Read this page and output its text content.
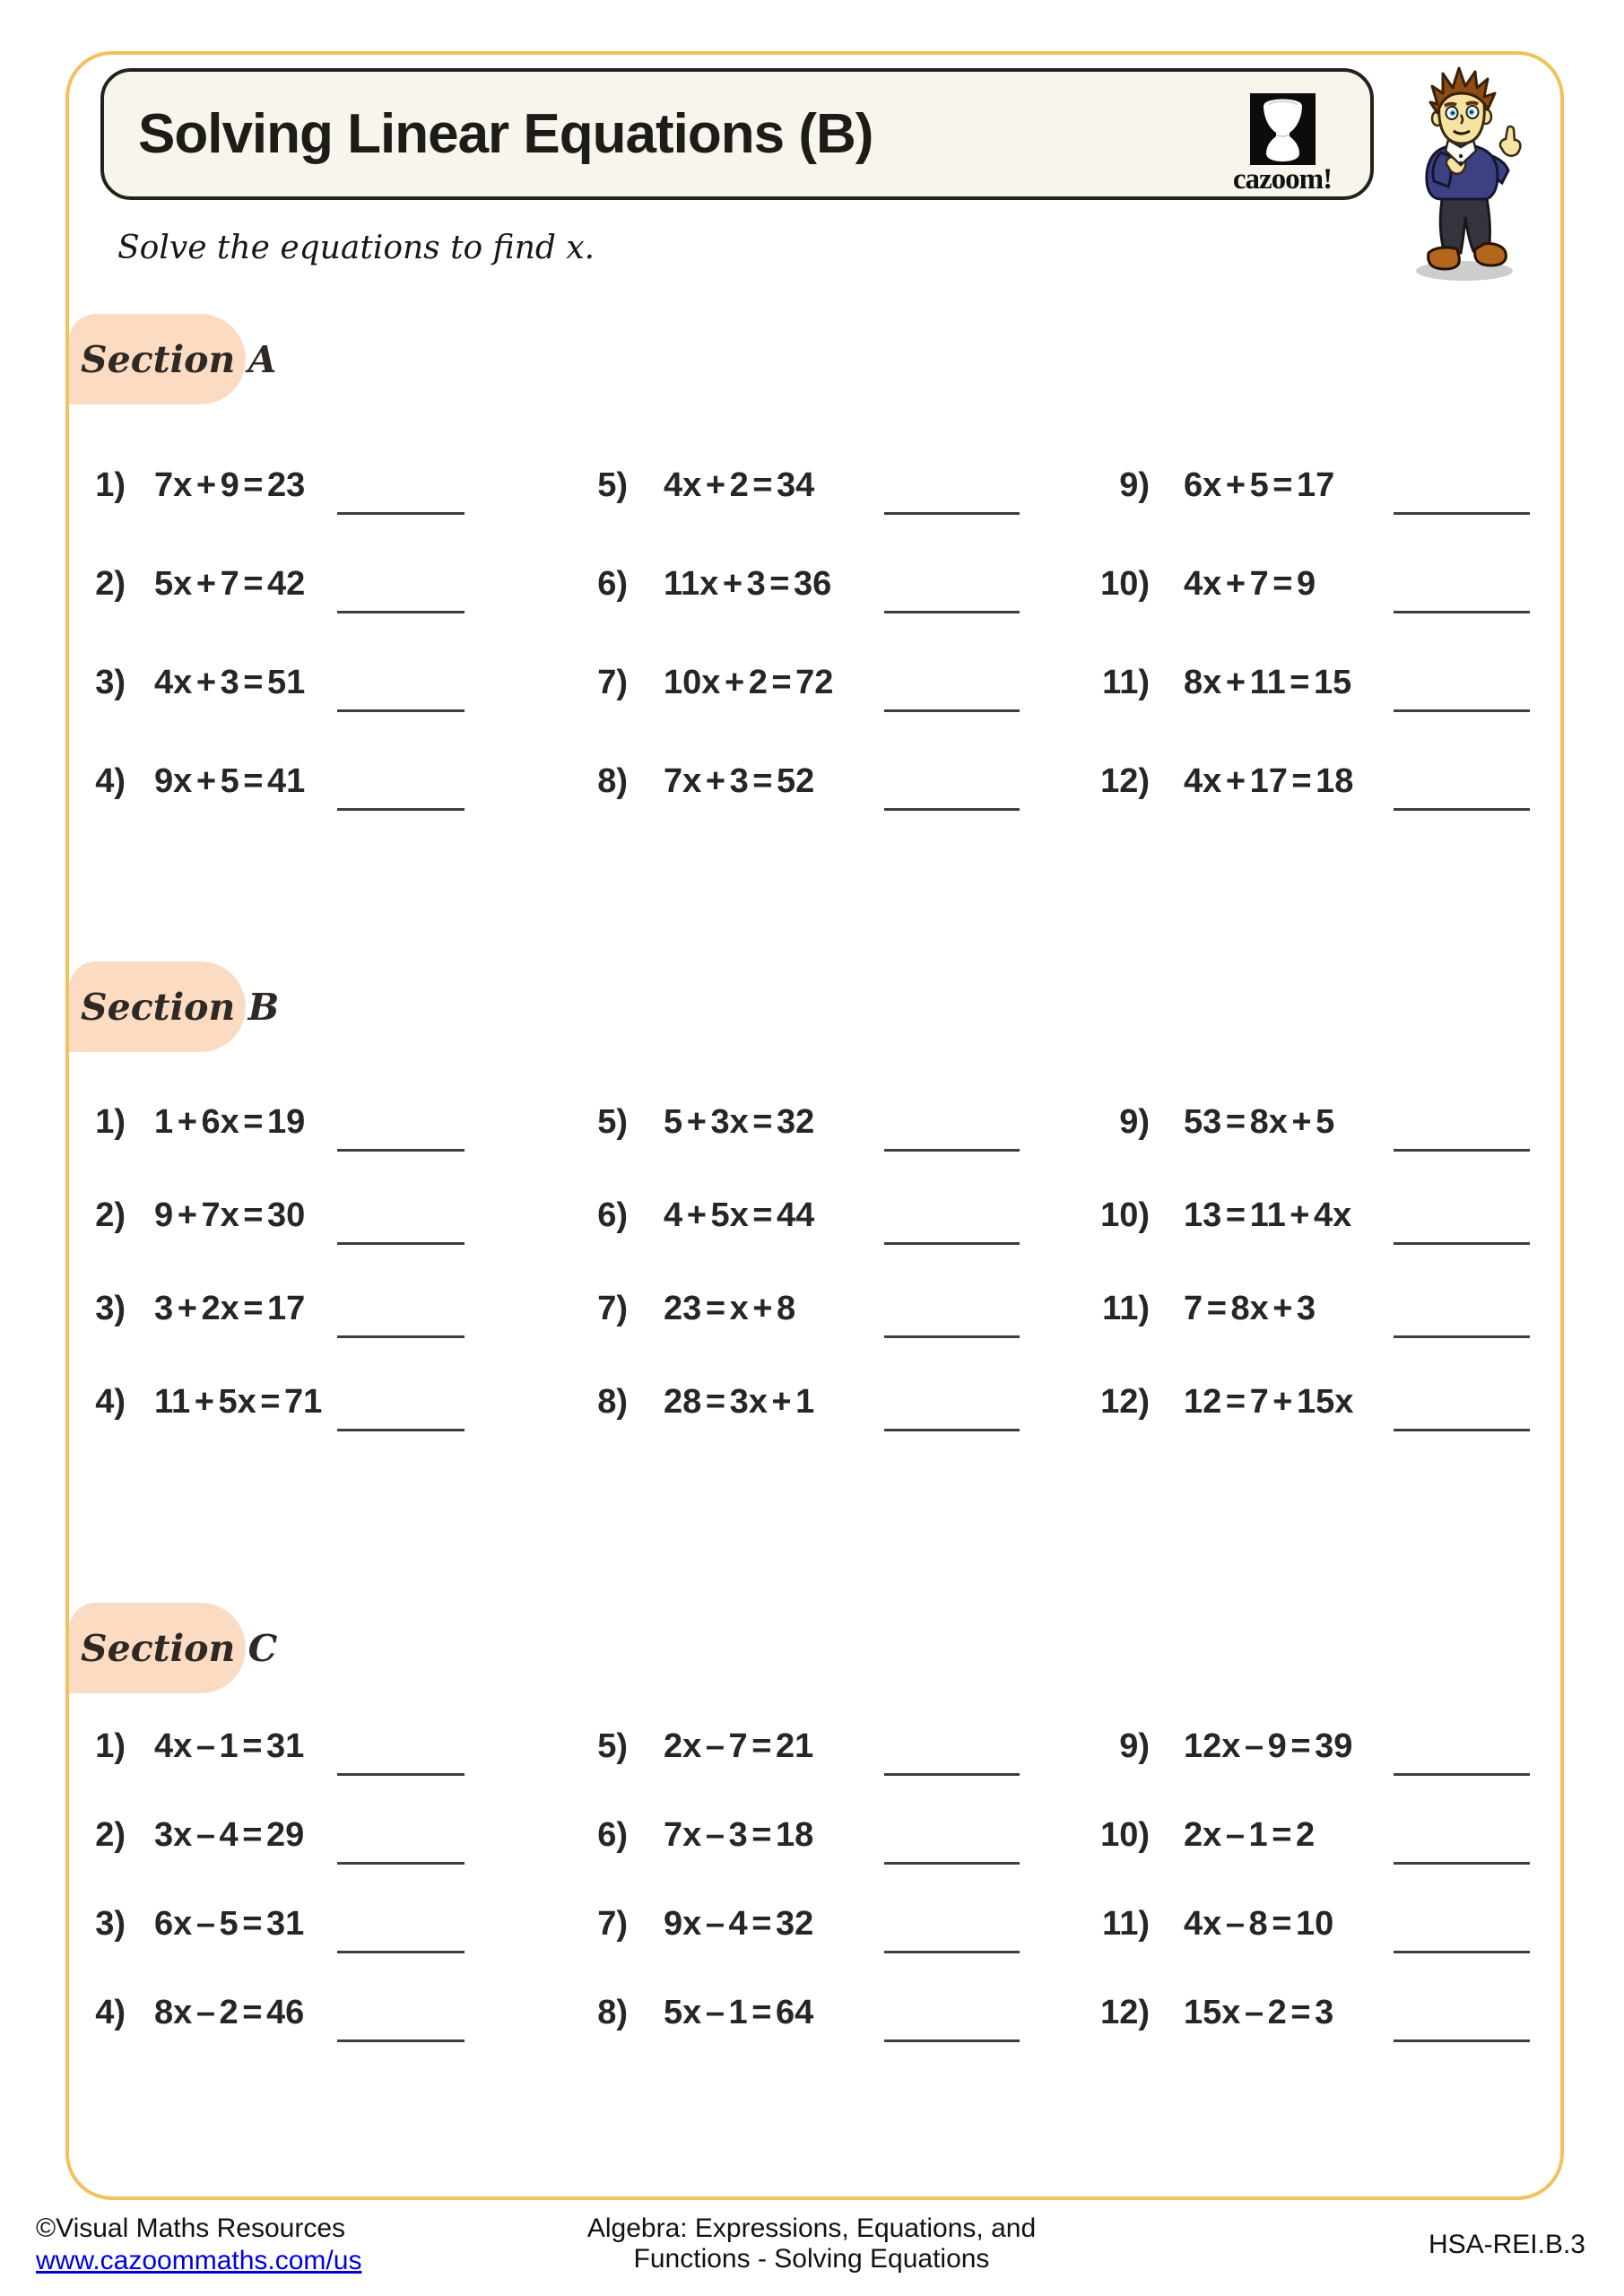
Solving Linear Equations (B)
cazoom!
Solve the equations to find x.
Section A
Section B
Section C
1) 7x + 9 = 23
2) 5x + 7 = 42
3) 4x + 3 = 51
4) 9x + 5 = 41
5) 4x + 2 = 34
6) 11x + 3 = 36
7) 10x + 2 = 72
8) 7x + 3 = 52
9) 6x + 5 = 17
10) 4x + 7 = 9
11) 8x + 11 = 15
12) 4x + 17 = 18
1) 1 + 6x = 19
2) 9 + 7x = 30
3) 3 + 2x = 17
4) 11 + 5x = 71
5) 5 + 3x = 32
6) 4 + 5x = 44
7) 23 = x + 8
8) 28 = 3x + 1
9) 53 = 8x + 5
10) 13 = 11 + 4x
11) 7 = 8x + 3
12) 12 = 7 + 15x
1) 4x – 1 = 31
2) 3x – 4 = 29
3) 6x – 5 = 31
4) 8x – 2 = 46
5) 2x – 7 = 21
6) 7x – 3 = 18
7) 9x – 4 = 32
8) 5x – 1 = 64
9) 12x – 9 = 39
10) 2x – 1 = 2
11) 4x – 8 = 10
12) 15x – 2 = 3
©Visual Maths Resources
www.cazoommaths.com/us
Algebra: Expressions, Equations, and
Functions - Solving Equations	HSA-REI.B.3
